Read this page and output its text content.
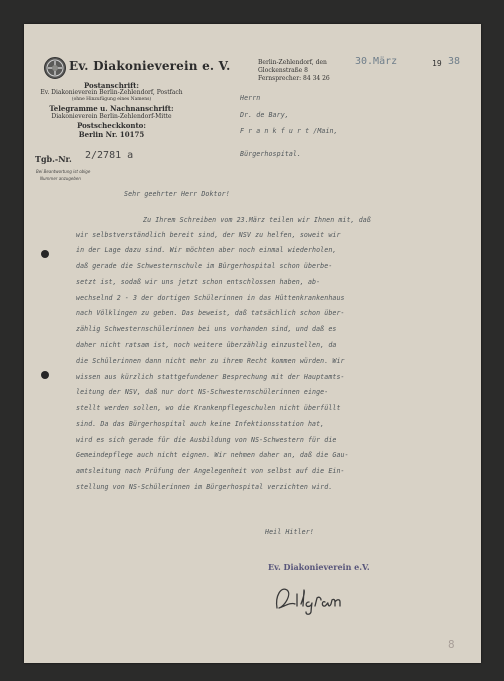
Ev. Diakonieverein e. V.
Postanschrift:
Ev. Diakonieverein Berlin-Zehlendorf, Postfach
(ohne Hinzufügung eines Namens)
Telegramme u. Nachnanschrift:
Diakonieverein Berlin-Zehlendorf-Mitte
Postscheckkonto:
Berlin Nr. 10175
Tgb.-Nr. 2/2781 a
Bei Beantwortung ist obige
Nummer anzugeben
Berlin-Zehlendorf, den
Glockenstraße 8
Fernsprecher: 84 34 26
30.März	19 38
Herrn
Dr. de Bary,
F r a n k f u r t /Main,
Bürgerhospital.
Sehr geehrter Herr Doktor!
Zu Ihrem Schreiben vom 23.März teilen wir Ihnen mit, daß
wir selbstverständlich bereit sind, der NSV zu helfen, soweit wir
in der Lage dazu sind. Wir möchten aber noch einmal wiederholen,
daß gerade die Schwesternschule im Bürgerhospital schon überbe-
setzt ist, sodaß wir uns jetzt schon entschlossen haben, ab-
wechselnd 2 - 3 der dortigen Schülerinnen in das Hüttenkrankenhaus
nach Völklingen zu geben. Das beweist, daß tatsächlich schon über-
zählig Schwesternschülerinnen bei uns vorhanden sind, und daß es
daher nicht ratsam ist, noch weitere überzählig einzustellen, da
die Schülerinnen dann nicht mehr zu ihrem Recht kommen würden. Wir
wissen aus kürzlich stattgefundener Besprechung mit der Hauptamts-
leitung der NSV, daß nur dort NS-Schwesternschülerinnen einge-
stellt werden sollen, wo die Krankenpflegeschulen nicht überfüllt
sind. Da das Bürgerhospital auch keine Infektionsstation hat,
wird es sich gerade für die Ausbildung von NS-Schwestern für die
Gemeindepflege auch nicht eignen. Wir nehmen daher an, daß die Gau-
amtsleitung nach Prüfung der Angelegenheit von selbst auf die Ein-
stellung von NS-Schülerinnen im Bürgerhospital verzichten wird.
Heil Hitler!
Ev. Diakonieverein e.V.
8
